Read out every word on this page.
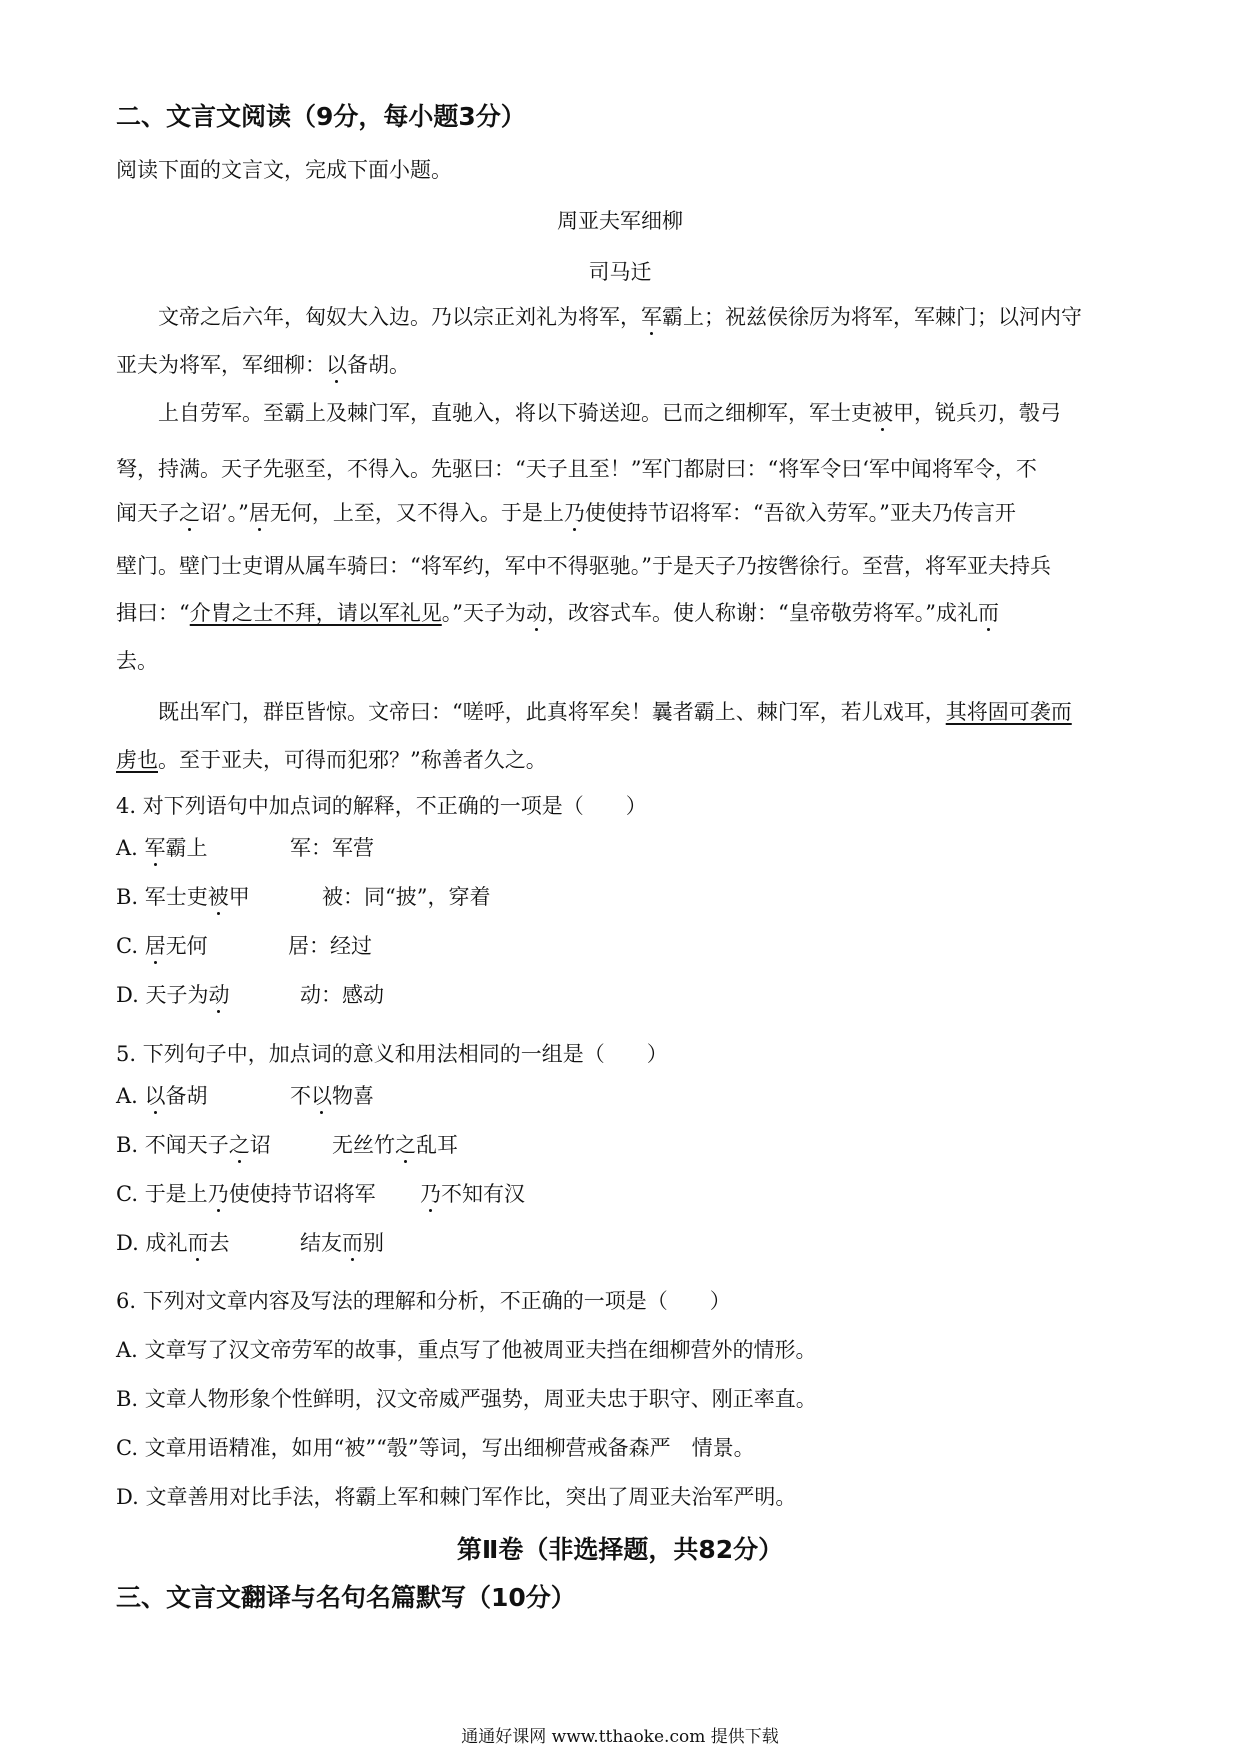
二、文言文阅读（9分，每小题3分）
阅读下面的文言文，完成下面小题。
周亚夫军细柳
司马迁
文帝之后六年，匈奴大入边。乃以宗正刘礼为将军，军霸上；祝兹侯徐厉为将军，军棘门；以河内守
亚夫为将军，军细柳：以备胡。
上自劳军。至霸上及棘门军，直驰入，将以下骑送迎。已而之细柳军，军士吏被甲，锐兵刃，彀弓
弩，持满。天子先驱至，不得入。先驱曰：“天子且至！”军门都尉曰：“将军令曰‘军中闻将军令，不
闻天子之诏’。”居无何，上至，又不得入。于是上乃使使持节诏将军：“吾欲入劳军。”亚夫乃传言开
壁门。壁门士吏谓从属车骑曰：“将军约，军中不得驱驰。”于是天子乃按辔徐行。至营，将军亚夫持兵
揖曰：“介胄之士不拜，请以军礼见。”天子为动，改容式车。使人称谢：“皇帝敬劳将军。”成礼而
去。
既出军门，群臣皆惊。文帝曰：“嗟呼，此真将军矣！曩者霸上、棘门军，若儿戏耳，其将固可袭而
虏也。至于亚夫，可得而犯邪？”称善者久之。
4. 对下列语句中加点词的解释，不正确的一项是（　　）
A. 军霸上	军：军营
B. 军士吏被甲	被：同“披”，穿着
C. 居无何	居：经过
D. 天子为动	动：感动
5. 下列句子中，加点词的意义和用法相同的一组是（　　）
A. 以备胡	不以物喜
B. 不闻天子之诏	无丝竹之乱耳
C. 于是上乃使使持节诏将军 乃不知有汉
D. 成礼而去	结友而别
6. 下列对文章内容及写法的理解和分析，不正确的一项是（　　）
A. 文章写了汉文帝劳军的故事，重点写了他被周亚夫挡在细柳营外的情形。
B. 文章人物形象个性鲜明，汉文帝威严强势，周亚夫忠于职守、刚正率直。
C. 文章用语精准，如用“被”“彀”等词，写出细柳营戒备森严　情景。
D. 文章善用对比手法，将霸上军和棘门军作比，突出了周亚夫治军严明。
第Ⅱ卷（非选择题，共82分）
三、文言文翻译与名句名篇默写（10分）
通通好课网 www.tthaoke.com 提供下载
